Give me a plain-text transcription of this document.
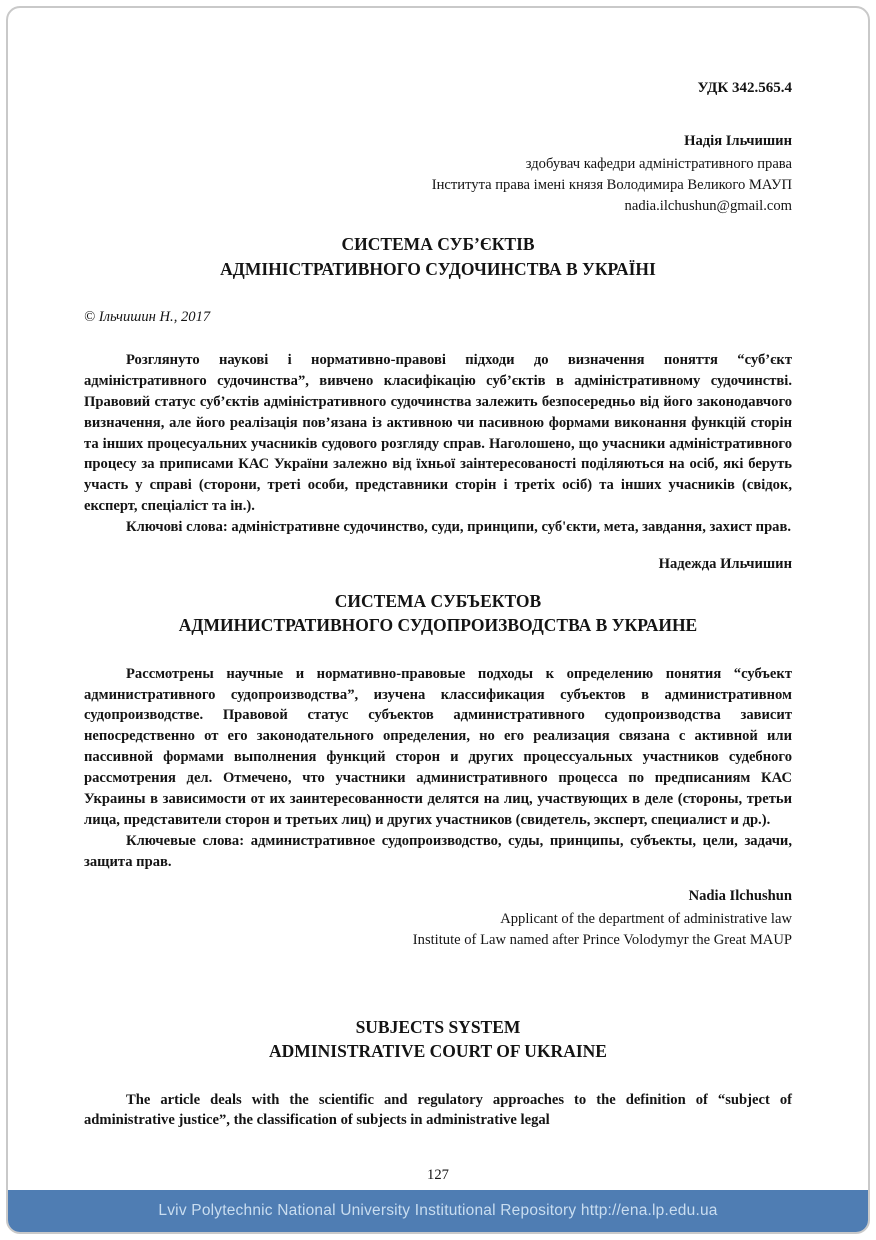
УДК 342.565.4
Надія Ільчишин
здобувач кафедри адміністративного права
Інститута права імені князя Володимира Великого МАУП
nadia.ilchushun@gmail.com
СИСТЕМА СУБ’ЄКТІВ
АДМІНІСТРАТИВНОГО СУДОЧИНСТВА В УКРАЇНІ
© Ільчишин Н., 2017

Розглянуто наукові і нормативно-правові підходи до визначення поняття “суб’єкт адміністративного судочинства”, вивчено класифікацію суб’єктів в адміністративному судочинстві. Правовий статус суб’єктів адміністративного судочинства залежить безпосередньо від його законодавчого визначення, але його реалізація пов’язана із активною чи пасивною формами виконання функцій сторін та інших процесуальних учасників судового розгляду справ. Наголошено, що учасники адміністративного процесу за приписами КАС України залежно від їхньої заінтересованості поділяються на осіб, які беруть участь у справі (сторони, треті особи, представники сторін і третіх осіб) та інших учасників (свідок, експерт, спеціаліст та ін.).

Ключові слова: адміністративне судочинство, суди, принципи, суб'єкти, мета, завдання, захист прав.

Надежда Ильчишин
СИСТЕМА СУБЪЕКТОВ
АДМИНИСТРАТИВНОГО СУДОПРОИЗВОДСТВА В УКРАИНЕ

Рассмотрены научные и нормативно-правовые подходы к определению понятия “субъект административного судопроизводства”, изучена классификация субъектов в административном судопроизводстве. Правовой статус субъектов административного судопроизводства зависит непосредственно от его законодательного определения, но его реализация связана с активной или пассивной формами выполнения функций сторон и других процессуальных участников судебного рассмотрения дел. Отмечено, что участники административного процесса по предписаниям КАС Украины в зависимости от их заинтересованности делятся на лиц, участвующих в деле (стороны, третьи лица, представители сторон и третьих лиц) и других участников (свидетель, эксперт, специалист и др.).

Ключевые слова: административное судопроизводство, суды, принципы, субъекты, цели, задачи, защита прав.

Nadia Ilchushun
Applicant of the department of administrative law
Institute of Law named after Prince Volodymyr the Great MAUP
SUBJECTS SYSTEM
ADMINISTRATIVE COURT OF UKRAINE

The article deals with the scientific and regulatory approaches to the definition of “subject of administrative justice”, the classification of subjects in administrative legal

127
Lviv Polytechnic National University Institutional Repository http://ena.lp.edu.ua
